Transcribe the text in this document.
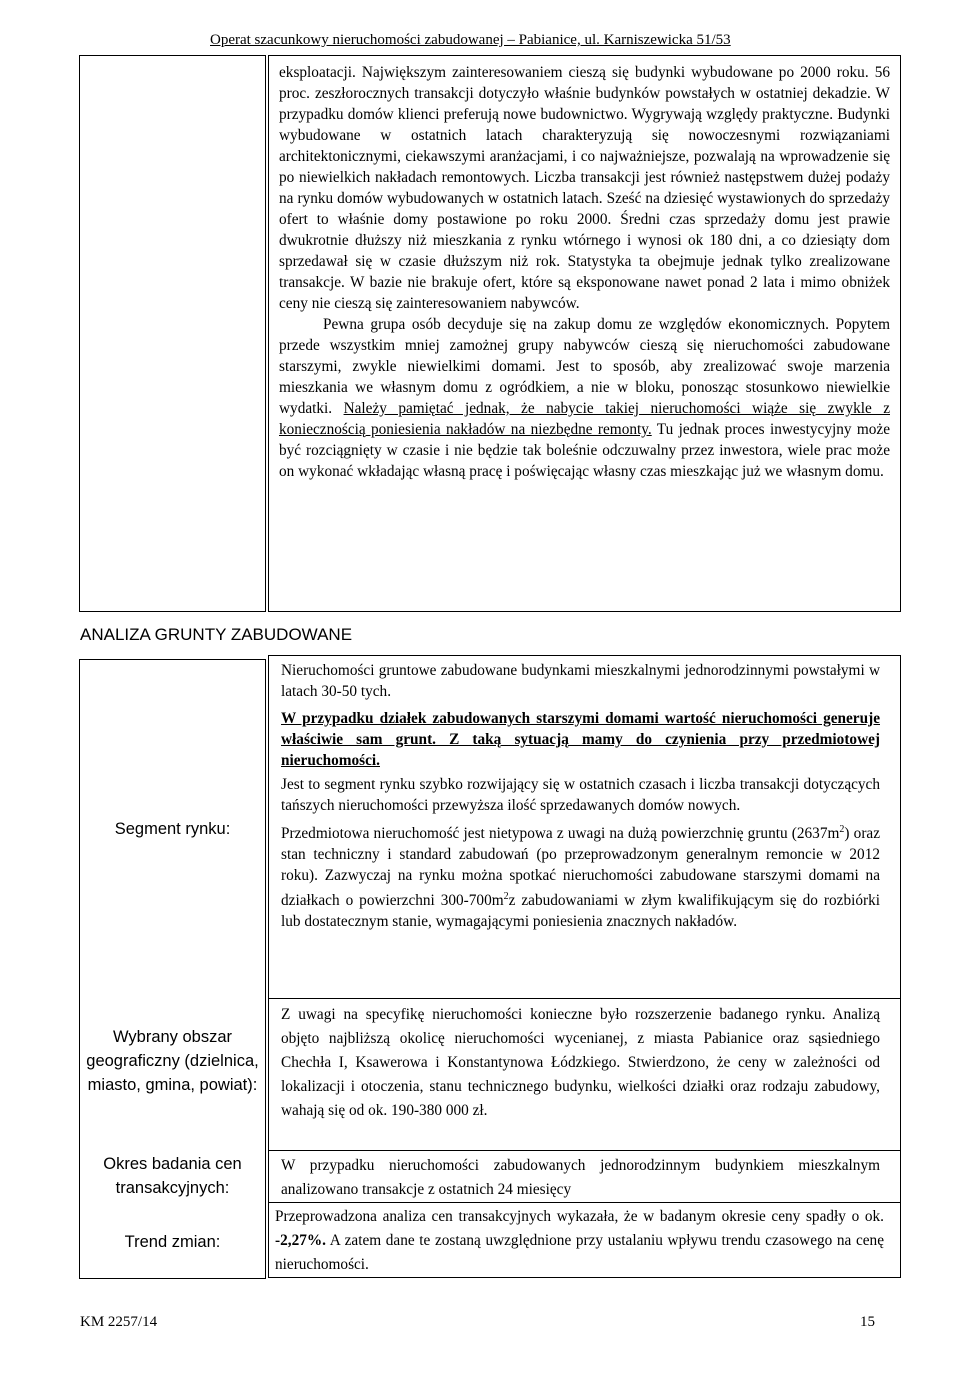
Operat szacunkowy nieruchomości zabudowanej – Pabianice, ul. Karniszewicka 51/53

eksploatacji. Największym zainteresowaniem cieszą się budynki wybudowane po 2000 roku. 56 proc. zeszłorocznych transakcji dotyczyło właśnie budynków powstałych w ostatniej dekadzie. W przypadku domów klienci preferują nowe budownictwo. Wygrywają względy praktyczne. Budynki wybudowane w ostatnich latach charakteryzują się nowoczesnymi rozwiązaniami architektonicznymi, ciekawszymi aranżacjami, i co najważniejsze, pozwalają na wprowadzenie się po niewielkich nakładach remontowych. Liczba transakcji jest również następstwem dużej podaży na rynku domów wybudowanych w ostatnich latach. Sześć na dziesięć wystawionych do sprzedaży ofert to właśnie domy postawione po roku 2000. Średni czas sprzedaży domu jest prawie dwukrotnie dłuższy niż mieszkania z rynku wtórnego i wynosi ok 180 dni, a co dziesiąty dom sprzedawał się w czasie dłuższym niż rok. Statystyka ta obejmuje jednak tylko zrealizowane transakcje. W bazie nie brakuje ofert, które są eksponowane nawet ponad 2 lata i mimo obniżek ceny nie cieszą się zainteresowaniem nabywców.

Pewna grupa osób decyduje się na zakup domu ze względów ekonomicznych. Popytem przede wszystkim mniej zamożnej grupy nabywców cieszą się nieruchomości zabudowane starszymi, zwykle niewielkimi domami. Jest to sposób, aby zrealizować swoje marzenia mieszkania we własnym domu z ogródkiem, a nie w bloku, ponosząc stosunkowo niewielkie wydatki. Należy pamiętać jednak, że nabycie takiej nieruchomości wiąże się zwykle z koniecznością poniesienia nakładów na niezbędne remonty. Tu jednak proces inwestycyjny może być rozciągnięty w czasie i nie będzie tak boleśnie odczuwalny przez inwestora, wiele prac może on wykonać wkładając własną pracę i poświęcając własny czas mieszkając już we własnym domu.

ANALIZA GRUNTY ZABUDOWANE
Segment rynku:
Wybrany obszar geograficzny (dzielnica, miasto, gmina, powiat):
Okres badania cen transakcyjnych:
Trend zmian:

Nieruchomości gruntowe zabudowane budynkami mieszkalnymi jednorodzinnymi powstałymi w latach 30-50 tych.

W przypadku działek zabudowanych starszymi domami wartość nieruchomości generuje właściwie sam grunt. Z taką sytuacją mamy do czynienia przy przedmiotowej nieruchomości.

Jest to segment rynku szybko rozwijający się w ostatnich czasach i liczba transakcji dotyczących tańszych nieruchomości przewyższa ilość sprzedawanych domów nowych.

Przedmiotowa nieruchomość jest nietypowa z uwagi na dużą powierzchnię gruntu $(2637m^2)$ oraz stan techniczny i standard zabudowań (po przeprowadzonym generalnym remoncie w 2012 roku). Zazwyczaj na rynku można spotkać nieruchomości zabudowane starszymi domami na działkach o powierzchni $300-700m^2z$ zabudowaniami w złym kwalifikującym się do rozbiórki lub dostatecznym stanie, wymagającymi poniesienia znacznych nakładów.

Z uwagi na specyfikę nieruchomości konieczne było rozszerzenie badanego rynku. Analizą objęto najbliższą okolicę nieruchomości wycenianej, z miasta Pabianice oraz sąsiedniego Chechła I, Ksawerowa i Konstantynowa Łódzkiego. Stwierdzono, że ceny w zależności od lokalizacji i otoczenia, stanu technicznego budynku, wielkości działki oraz rodzaju zabudowy, wahają się od ok. 190-380 000 zł.

W przypadku nieruchomości zabudowanych jednorodzinnym budynkiem mieszkalnym analizowano transakcje z ostatnich 24 miesięcy

Przeprowadzona analiza cen transakcyjnych wykazała, że w badanym okresie ceny spadły o ok. -2,27%. A zatem dane te zostaną uwzględnione przy ustalaniu wpływu trendu czasowego na cenę nieruchomości.

KM 2257/14	15
